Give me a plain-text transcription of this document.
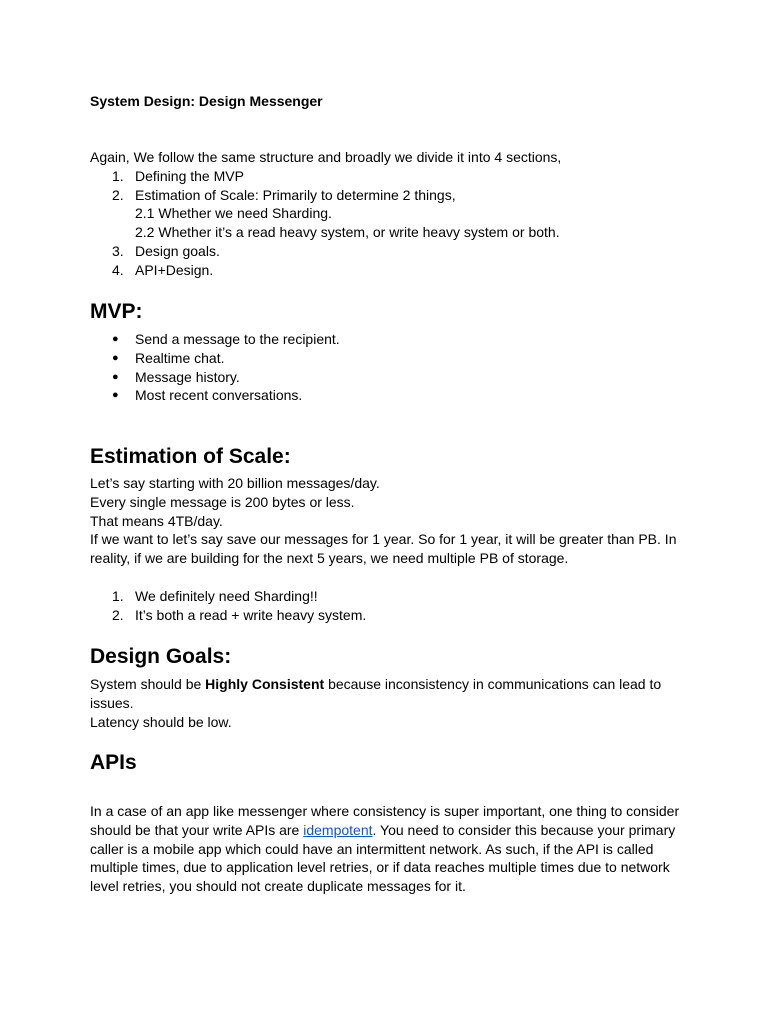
System Design: Design Messenger

Again, We follow the same structure and broadly we divide it into 4 sections,

1. Defining the MVP
2. Estimation of Scale: Primarily to determine 2 things,
2.1 Whether we need Sharding.
2.2 Whether it’s a read heavy system, or write heavy system or both.
3. Design goals.
4. API+Design.
MVP:
● Send a message to the recipient.
● Realtime chat.
● Message history.
● Most recent conversations.
Estimation of Scale:

Let’s say starting with 20 billion messages/day.

Every single message is 200 bytes or less.

That means 4TB/day.

If we want to let’s say save our messages for 1 year. So for 1 year, it will be greater than PB. In reality, if we are building for the next 5 years, we need multiple PB of storage.

1. We definitely need Sharding!!
2. It’s both a read + write heavy system.
Design Goals:

System should be Highly Consistent because inconsistency in communications can lead to issues.

Latency should be low.

APIs

In a case of an app like messenger where consistency is super important, one thing to consider should be that your write APIs are idempotent. You need to consider this because your primary caller is a mobile app which could have an intermittent network. As such, if the API is called multiple times, due to application level retries, or if data reaches multiple times due to network level retries, you should not create duplicate messages for it.
